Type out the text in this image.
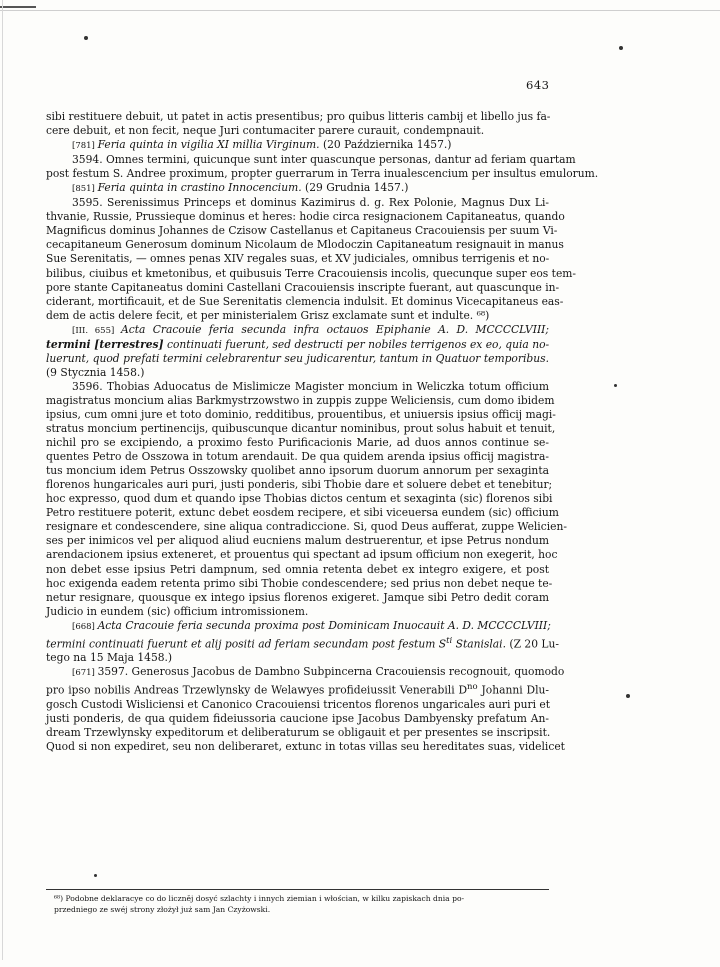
643
sibi restituere debuit, ut patet in actis presentibus; pro quibus litteris cambij et libello jus fa-
cere debuit, et non fecit, neque Juri contumaciter parere curauit, condempnauit.
[781] Feria quinta in vigilia XI millia Virginum. (20 Października 1457.)
3594. Omnes termini, quicunque sunt inter quascunque personas, dantur ad feriam quartam
post festum S. Andree proximum, propter guerrarum in Terra inualescencium per insultus emulorum.
[851] Feria quinta in crastino Innocencium. (29 Grudnia 1457.)
3595. Serenissimus Princeps et dominus Kazimirus d. g. Rex Polonie, Magnus Dux Li-
thvanie, Russie, Prussieque dominus et heres: hodie circa resignacionem Capitaneatus, quando
Magnificus dominus Johannes de Czisow Castellanus et Capitaneus Cracouiensis per suum Vi-
cecapitaneum Generosum dominum Nicolaum de Mlodoczin Capitaneatum resignauit in manus
Sue Serenitatis, — omnes penas XIV regales suas, et XV judiciales, omnibus terrigenis et no-
bilibus, ciuibus et kmetonibus, et quibusuis Terre Cracouiensis incolis, quecunque super eos tem-
pore stante Capitaneatus domini Castellani Cracouiensis inscripte fuerant, aut quascunque in-
ciderant, mortificauit, et de Sue Serenitatis clemencia indulsit. Et dominus Vicecapitaneus eas-
dem de actis delere fecit, et per ministerialem Grisz exclamate sunt et indulte. ⁶⁸)
[III. 655] Acta Cracouie feria secunda infra octauos Epiphanie A. D. MCCCCLVIII;
termini [terrestres] continuati fuerunt, sed destructi per nobiles terrigenos ex eo, quia no-
luerunt, quod prefati termini celebrarentur seu judicarentur, tantum in Quatuor temporibus.
(9 Stycznia 1458.)
3596. Thobias Aduocatus de Mislimicze Magister moncium in Weliczka totum officium
magistratus moncium alias Barkmystrzowstwo in zuppis zuppe Weliciensis, cum domo ibidem
ipsius, cum omni jure et toto dominio, redditibus, prouentibus, et uniuersis ipsius officij magi-
stratus moncium pertinencijs, quibuscunque dicantur nominibus, prout solus habuit et tenuit,
nichil pro se excipiendo, a proximo festo Purificacionis Marie, ad duos annos continue se-
quentes Petro de Osszowa in totum arendauit. De qua quidem arenda ipsius officij magistra-
tus moncium idem Petrus Osszowsky quolibet anno ipsorum duorum annorum per sexaginta
florenos hungaricales auri puri, justi ponderis, sibi Thobie dare et soluere debet et tenebitur;
hoc expresso, quod dum et quando ipse Thobias dictos centum et sexaginta (sic) florenos sibi
Petro restituere poterit, extunc debet eosdem recipere, et sibi viceuersa eundem (sic) officium
resignare et condescendere, sine aliqua contradiccione. Si, quod Deus aufferat, zuppe Welicien-
ses per inimicos vel per aliquod aliud eucniens malum destruerentur, et ipse Petrus nondum
arendacionem ipsius exteneret, et prouentus qui spectant ad ipsum officium non exegerit, hoc
non debet esse ipsius Petri dampnum, sed omnia retenta debet ex integro exigere, et post
hoc exigenda eadem retenta primo sibi Thobie condescendere; sed prius non debet neque te-
netur resignare, quousque ex intego ipsius florenos exigeret. Jamque sibi Petro dedit coram
Judicio in eundem (sic) officium intromissionem.
[668] Acta Cracouie feria secunda proxima post Dominicam Inuocauit A. D. MCCCCLVIII;
termini continuati fuerunt et alij positi ad feriam secundam post festum $S^{ti}$ Stanislai. (Z 20 Lu-
tego na 15 Maja 1458.)
[671] 3597. Generosus Jacobus de Dambno Subpincerna Cracouiensis recognouit, quomodo
pro ipso nobilis Andreas Trzewlynsky de Welawyes profideiussit Venerabili $D^{no}$ Johanni Dlu-
gosch Custodi Wisliciensi et Canonico Cracouiensi tricentos florenos ungaricales auri puri et
justi ponderis, de qua quidem fideiussoria caucione ipse Jacobus Dambyensky prefatum An-
dream Trzewlynsky expeditorum et deliberaturum se obligauit et per presentes se inscripsit.
Quod si non expediret, seu non deliberaret, extunc in totas villas seu hereditates suas, videlicet
⁶⁸) Podobne deklaracye co do liczněj dosyć szlachty i innych ziemian i włościan, w kilku zapiskach dnia po-
przedniego ze swéj strony złożył już sam Jan Czyżowski.
